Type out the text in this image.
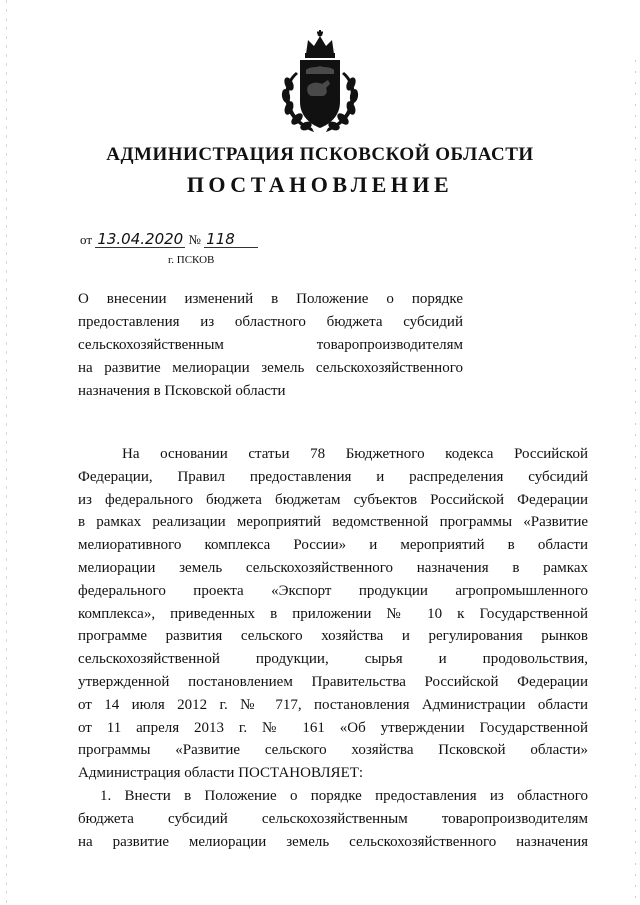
АДМИНИСТРАЦИЯ ПСКОВСКОЙ ОБЛАСТИ
ПОСТАНОВЛЕНИЕ
от 13.04.2020 № 118
г. ПСКОВ
О внесении изменений в Положение о порядке
предоставления из областного бюджета субсидий
сельскохозяйственным товаропроизводителям
на развитие мелиорации земель сельскохозяйственного
назначения в Псковской области
На основании статьи 78 Бюджетного кодекса Российской
Федерации, Правил предоставления и распределения субсидий
из федерального бюджета бюджетам субъектов Российской Федерации
в рамках реализации мероприятий ведомственной программы «Развитие
мелиоративного комплекса России» и мероприятий в области
мелиорации земель сельскохозяйственного назначения в рамках
федерального проекта «Экспорт продукции агропромышленного
комплекса», приведенных в приложении № 10 к Государственной
программе развития сельского хозяйства и регулирования рынков
сельскохозяйственной продукции, сырья и продовольствия,
утвержденной постановлением Правительства Российской Федерации
от 14 июля 2012 г. № 717, постановления Администрации области
от 11 апреля 2013 г. № 161 «Об утверждении Государственной
программы «Развитие сельского хозяйства Псковской области»
Администрация области ПОСТАНОВЛЯЕТ:
1. Внести в Положение о порядке предоставления из областного
бюджета субсидий сельскохозяйственным товаропроизводителям
на развитие мелиорации земель сельскохозяйственного назначения
